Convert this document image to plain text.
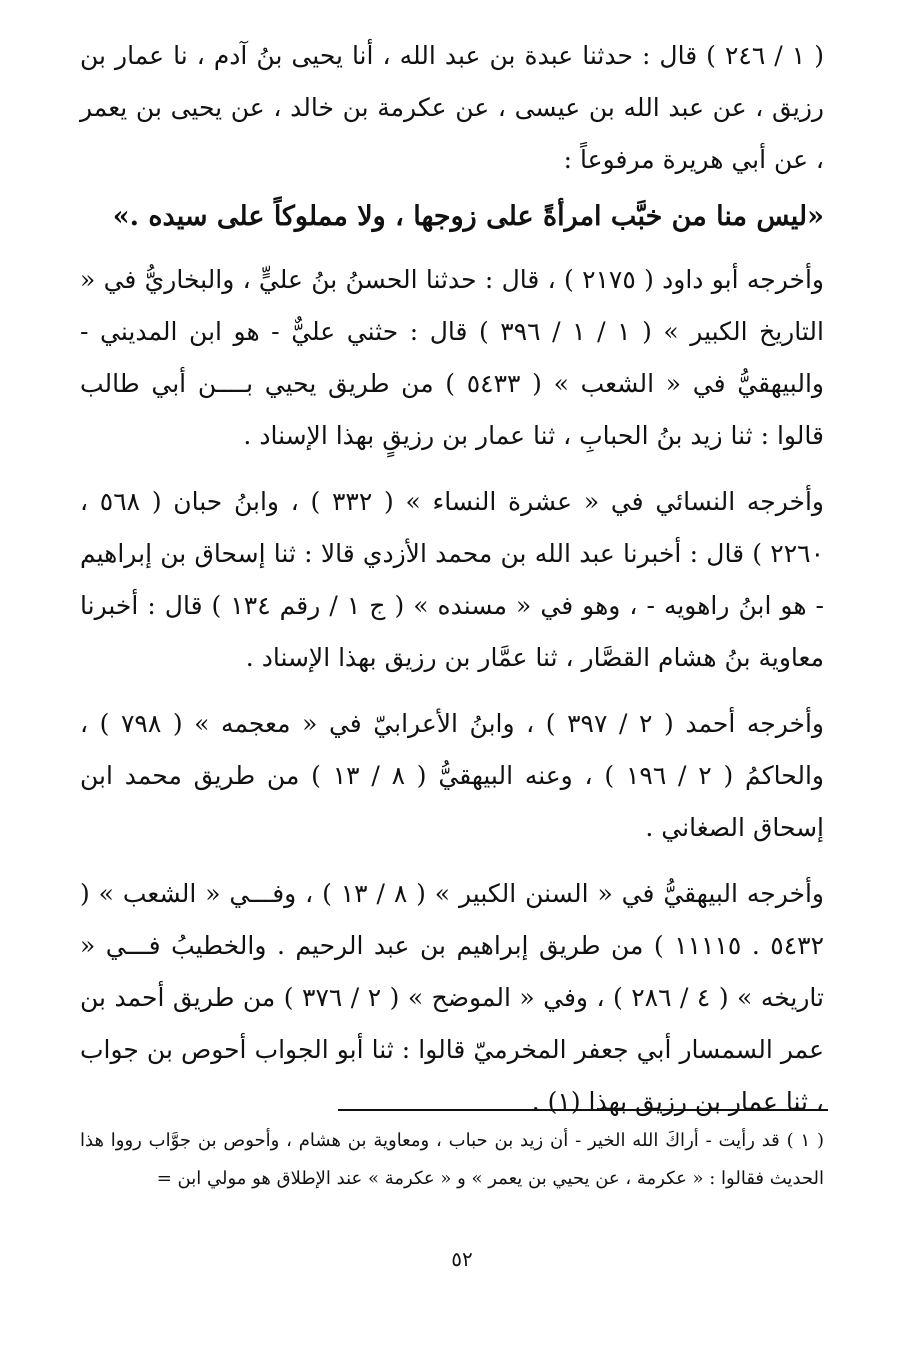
( ١ / ٢٤٦ ) قال : حدثنا عبدة بن عبد الله ، أنا يحيى بنُ آدم ، نا عمار بن رزيق ، عن عبد الله بن عيسى ، عن عكرمة بن خالد ، عن يحيى بن يعمر ، عن أبي هريرة مرفوعاً :

«ليس منا من خبَّب امرأةً على زوجها ، ولا مملوكاً على سيده .»

وأخرجه أبو داود ( ٢١٧٥ ) ، قال : حدثنا الحسنُ بنُ عليٍّ ، والبخاريُّ في « التاريخ الكبير » ( ١ / ١ / ٣٩٦ ) قال : حثني عليٌّ - هو ابن المديني - والبيهقيُّ في « الشعب » ( ٥٤٣٣ ) من طريق يحيي بــــن أبي طالب قالوا : ثنا زيد بنُ الحبابِ ، ثنا عمار بن رزيقٍ بهذا الإسناد .

وأخرجه النسائي في « عشرة النساء » ( ٣٣٢ ) ، وابنُ حبان ( ٥٦٨ ، ٢٢٦٠ ) قال : أخبرنا عبد الله بن محمد الأزدي قالا : ثنا إسحاق بن إبراهيم - هو ابنُ راهويه - ، وهو في « مسنده » ( ج ١ / رقم ١٣٤ ) قال : أخبرنا معاوية بنُ هشام القصَّار ، ثنا عمَّار بن رزيق بهذا الإسناد .

وأخرجه أحمد ( ٢ / ٣٩٧ ) ، وابنُ الأعرابيّ في « معجمه » ( ٧٩٨ ) ، والحاكمُ ( ٢ / ١٩٦ ) ، وعنه البيهقيُّ ( ٨ / ١٣ ) من طريق محمد ابن إسحاق الصغاني .

وأخرجه البيهقيُّ في « السنن الكبير » ( ٨ / ١٣ ) ، وفـــي « الشعب » ( ٥٤٣٢ . ١١١١٥ ) من طريق إبراهيم بن عبد الرحيم . والخطيبُ فـــي « تاريخه » ( ٤ / ٢٨٦ ) ، وفي « الموضح » ( ٢ / ٣٧٦ ) من طريق أحمد بن عمر السمسار أبي جعفر المخرميّ قالوا : ثنا أبو الجواب أحوص بن جواب ، ثنا عمار بن رزيق بهذا (١) .

( ١ ) قد رأيت - أراكَ الله الخير - أن زيد بن حباب ، ومعاوية بن هشام ، وأحوص بن جوَّاب رووا هذا الحديث فقالوا : « عكرمة ، عن يحيي بن يعمر » و « عكرمة » عند الإطلاق هو مولي ابن =

٥٢
